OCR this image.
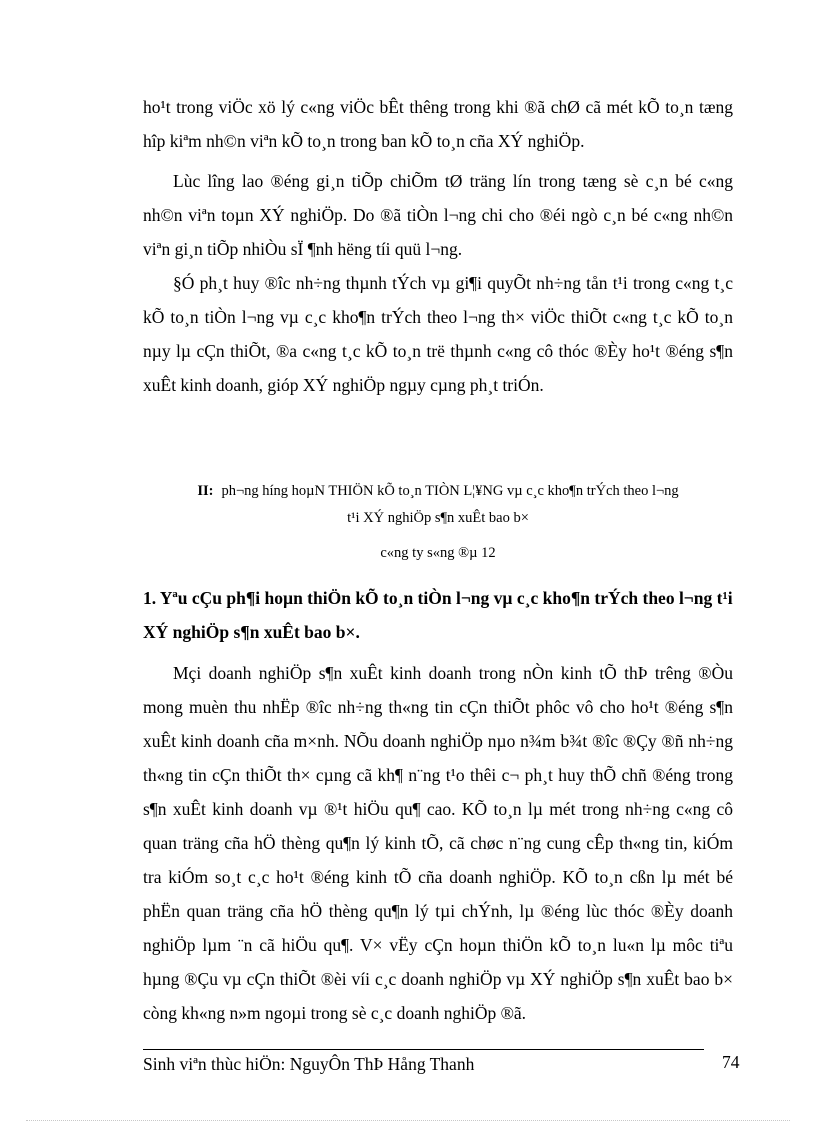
ho¹t trong viÖc xö lý c«ng viÖc bÊt thêng trong khi ®ã chØ cã mét kÕ to¸n tæng hîp kiªm nh©n viªn kÕ to¸n trong ban kÕ to¸n cña XÝ nghiÖp.

Lùc lîng lao ®éng gi¸n tiÕp chiÕm tØ träng lín trong tæng sè c¸n bé c«ng nh©n viªn toµn XÝ nghiÖp. Do ®ã tiÒn l¬ng chi cho ®éi ngò c¸n bé c«ng nh©n viªn gi¸n tiÕp nhiÒu sÏ ¶nh hëng tíi quü l¬ng.

§Ó ph¸t huy ®îc nh÷ng thµnh tÝch vµ gi¶i quyÕt nh÷ng tån t¹i trong c«ng t¸c kÕ to¸n tiÒn l¬ng vµ c¸c kho¶n trÝch theo l¬ng th× viÖc thiÕt c«ng t¸c kÕ to¸n nµy lµ cÇn thiÕt, ®a c«ng t¸c kÕ to¸n trë thµnh c«ng cô thóc ®Èy ho¹t ®éng s¶n xuÊt kinh doanh, gióp XÝ nghiÖp ngµy cµng ph¸t triÓn.

II: ph¬ng híng hoµN THIÖN kÕ to¸n TIÒN L¦¥NG vµ c¸c kho¶n trÝch theo l¬ng
t¹i XÝ nghiÖp s¶n xuÊt bao b×
c«ng ty s«ng ®µ 12
1. Yªu cÇu ph¶i hoµn thiÖn kÕ to¸n tiÒn l¬ng vµ c¸c kho¶n trÝch theo l¬ng t¹i XÝ nghiÖp s¶n xuÊt bao b×.

Mçi doanh nghiÖp s¶n xuÊt kinh doanh trong nÒn kinh tÕ thÞ trêng ®Òu mong muèn thu nhËp ®îc nh÷ng th«ng tin cÇn thiÕt phôc vô cho ho¹t ®éng s¶n xuÊt kinh doanh cña m×nh. NÕu doanh nghiÖp nµo n¾m b¾t ®îc ®Çy ®ñ nh÷ng th«ng tin cÇn thiÕt th× cµng cã kh¶ n¨ng t¹o thêi c¬ ph¸t huy thÕ chñ ®éng trong s¶n xuÊt kinh doanh vµ ®¹t hiÖu qu¶ cao. KÕ to¸n lµ mét trong nh÷ng c«ng cô quan träng cña hÖ thèng qu¶n lý kinh tÕ, cã chøc n¨ng cung cÊp th«ng tin, kiÓm tra kiÓm so¸t c¸c ho¹t ®éng kinh tÕ cña doanh nghiÖp. KÕ to¸n cßn lµ mét bé phËn quan träng cña hÖ thèng qu¶n lý tµi chÝnh, lµ ®éng lùc thóc ®Èy doanh nghiÖp lµm ¨n cã hiÖu qu¶. V× vËy cÇn hoµn thiÖn kÕ to¸n lu«n lµ môc tiªu hµng ®Çu vµ cÇn thiÕt ®èi víi c¸c doanh nghiÖp vµ XÝ nghiÖp s¶n xuÊt bao b× còng kh«ng n»m ngoµi trong sè c¸c doanh nghiÖp ®ã.

Sinh viªn thùc hiÖn: NguyÔn ThÞ Hång Thanh	74
